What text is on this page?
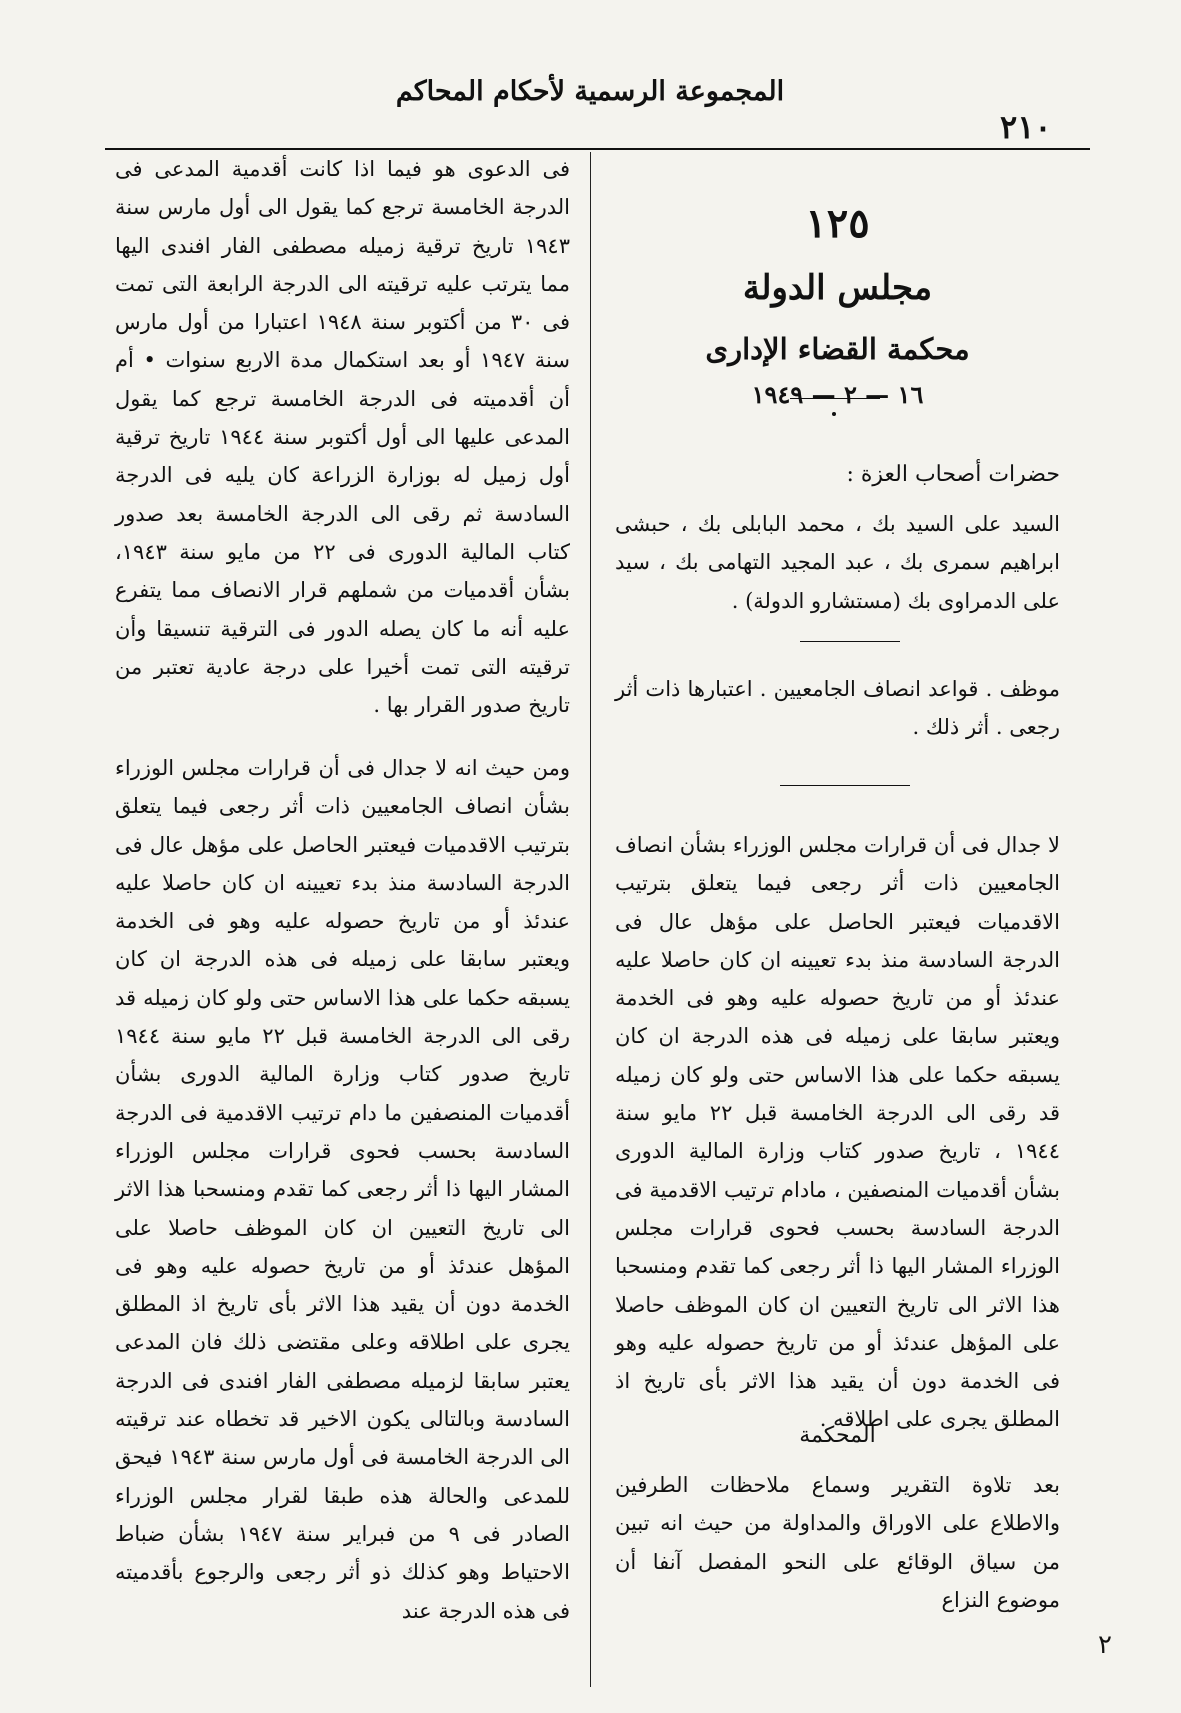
المجموعة الرسمية لأحكام المحاكم
٢١٠
١٢٥
مجلس الدولة
محكمة القضاء الإدارى
١٦ — ٢ — ١٩٤٩
حضرات أصحاب العزة :

السيد على السيد بك ، محمد البابلى بك ، حبشى ابراهيم سمرى بك ، عبد المجيد التهامى بك ، سيد على الدمراوى بك (مستشارو الدولة) .

موظف . قواعد انصاف الجامعيين . اعتبارها ذات أثر رجعى . أثر ذلك .

لا جدال فى أن قرارات مجلس الوزراء بشأن انصاف الجامعيين ذات أثر رجعى فيما يتعلق بترتيب الاقدميات فيعتبر الحاصل على مؤهل عال فى الدرجة السادسة منذ بدء تعيينه ان كان حاصلا عليه عندئذ أو من تاريخ حصوله عليه وهو فى الخدمة ويعتبر سابقا على زميله فى هذه الدرجة ان كان يسبقه حكما على هذا الاساس حتى ولو كان زميله قد رقى الى الدرجة الخامسة قبل ٢٢ مايو سنة ١٩٤٤ ، تاريخ صدور كتاب وزارة المالية الدورى بشأن أقدميات المنصفين ، مادام ترتيب الاقدمية فى الدرجة السادسة بحسب فحوى قرارات مجلس الوزراء المشار اليها ذا أثر رجعى كما تقدم ومنسحبا هذا الاثر الى تاريخ التعيين ان كان الموظف حاصلا على المؤهل عندئذ أو من تاريخ حصوله عليه وهو فى الخدمة دون أن يقيد هذا الاثر بأى تاريخ اذ المطلق يجرى على اطلاقه .

المحكمة

بعد تلاوة التقرير وسماع ملاحظات الطرفين والاطلاع على الاوراق والمداولة من حيث انه تبين من سياق الوقائع على النحو المفصل آنفا أن موضوع النزاع

فى الدعوى هو فيما اذا كانت أقدمية المدعى فى الدرجة الخامسة ترجع كما يقول الى أول مارس سنة ١٩٤٣ تاريخ ترقية زميله مصطفى الفار افندى اليها مما يترتب عليه ترقيته الى الدرجة الرابعة التى تمت فى ٣٠ من أكتوبر سنة ١٩٤٨ اعتبارا من أول مارس سنة ١٩٤٧ أو بعد استكمال مدة الاربع سنوات • أم أن أقدميته فى الدرجة الخامسة ترجع كما يقول المدعى عليها الى أول أكتوبر سنة ١٩٤٤ تاريخ ترقية أول زميل له بوزارة الزراعة كان يليه فى الدرجة السادسة ثم رقى الى الدرجة الخامسة بعد صدور كتاب المالية الدورى فى ٢٢ من مايو سنة ١٩٤٣، بشأن أقدميات من شملهم قرار الانصاف مما يتفرع عليه أنه ما كان يصله الدور فى الترقية تنسيقا وأن ترقيته التى تمت أخيرا على درجة عادية تعتبر من تاريخ صدور القرار بها .

ومن حيث انه لا جدال فى أن قرارات مجلس الوزراء بشأن انصاف الجامعيين ذات أثر رجعى فيما يتعلق بترتيب الاقدميات فيعتبر الحاصل على مؤهل عال فى الدرجة السادسة منذ بدء تعيينه ان كان حاصلا عليه عندئذ أو من تاريخ حصوله عليه وهو فى الخدمة ويعتبر سابقا على زميله فى هذه الدرجة ان كان يسبقه حكما على هذا الاساس حتى ولو كان زميله قد رقى الى الدرجة الخامسة قبل ٢٢ مايو سنة ١٩٤٤ تاريخ صدور كتاب وزارة المالية الدورى بشأن أقدميات المنصفين ما دام ترتيب الاقدمية فى الدرجة السادسة بحسب فحوى قرارات مجلس الوزراء المشار اليها ذا أثر رجعى كما تقدم ومنسحبا هذا الاثر الى تاريخ التعيين ان كان الموظف حاصلا على المؤهل عندئذ أو من تاريخ حصوله عليه وهو فى الخدمة دون أن يقيد هذا الاثر بأى تاريخ اذ المطلق يجرى على اطلاقه وعلى مقتضى ذلك فان المدعى يعتبر سابقا لزميله مصطفى الفار افندى فى الدرجة السادسة وبالتالى يكون الاخير قد تخطاه عند ترقيته الى الدرجة الخامسة فى أول مارس سنة ١٩٤٣ فيحق للمدعى والحالة هذه طبقا لقرار مجلس الوزراء الصادر فى ٩ من فبراير سنة ١٩٤٧ بشأن ضباط الاحتياط وهو كذلك ذو أثر رجعى والرجوع بأقدميته فى هذه الدرجة عند

٢
